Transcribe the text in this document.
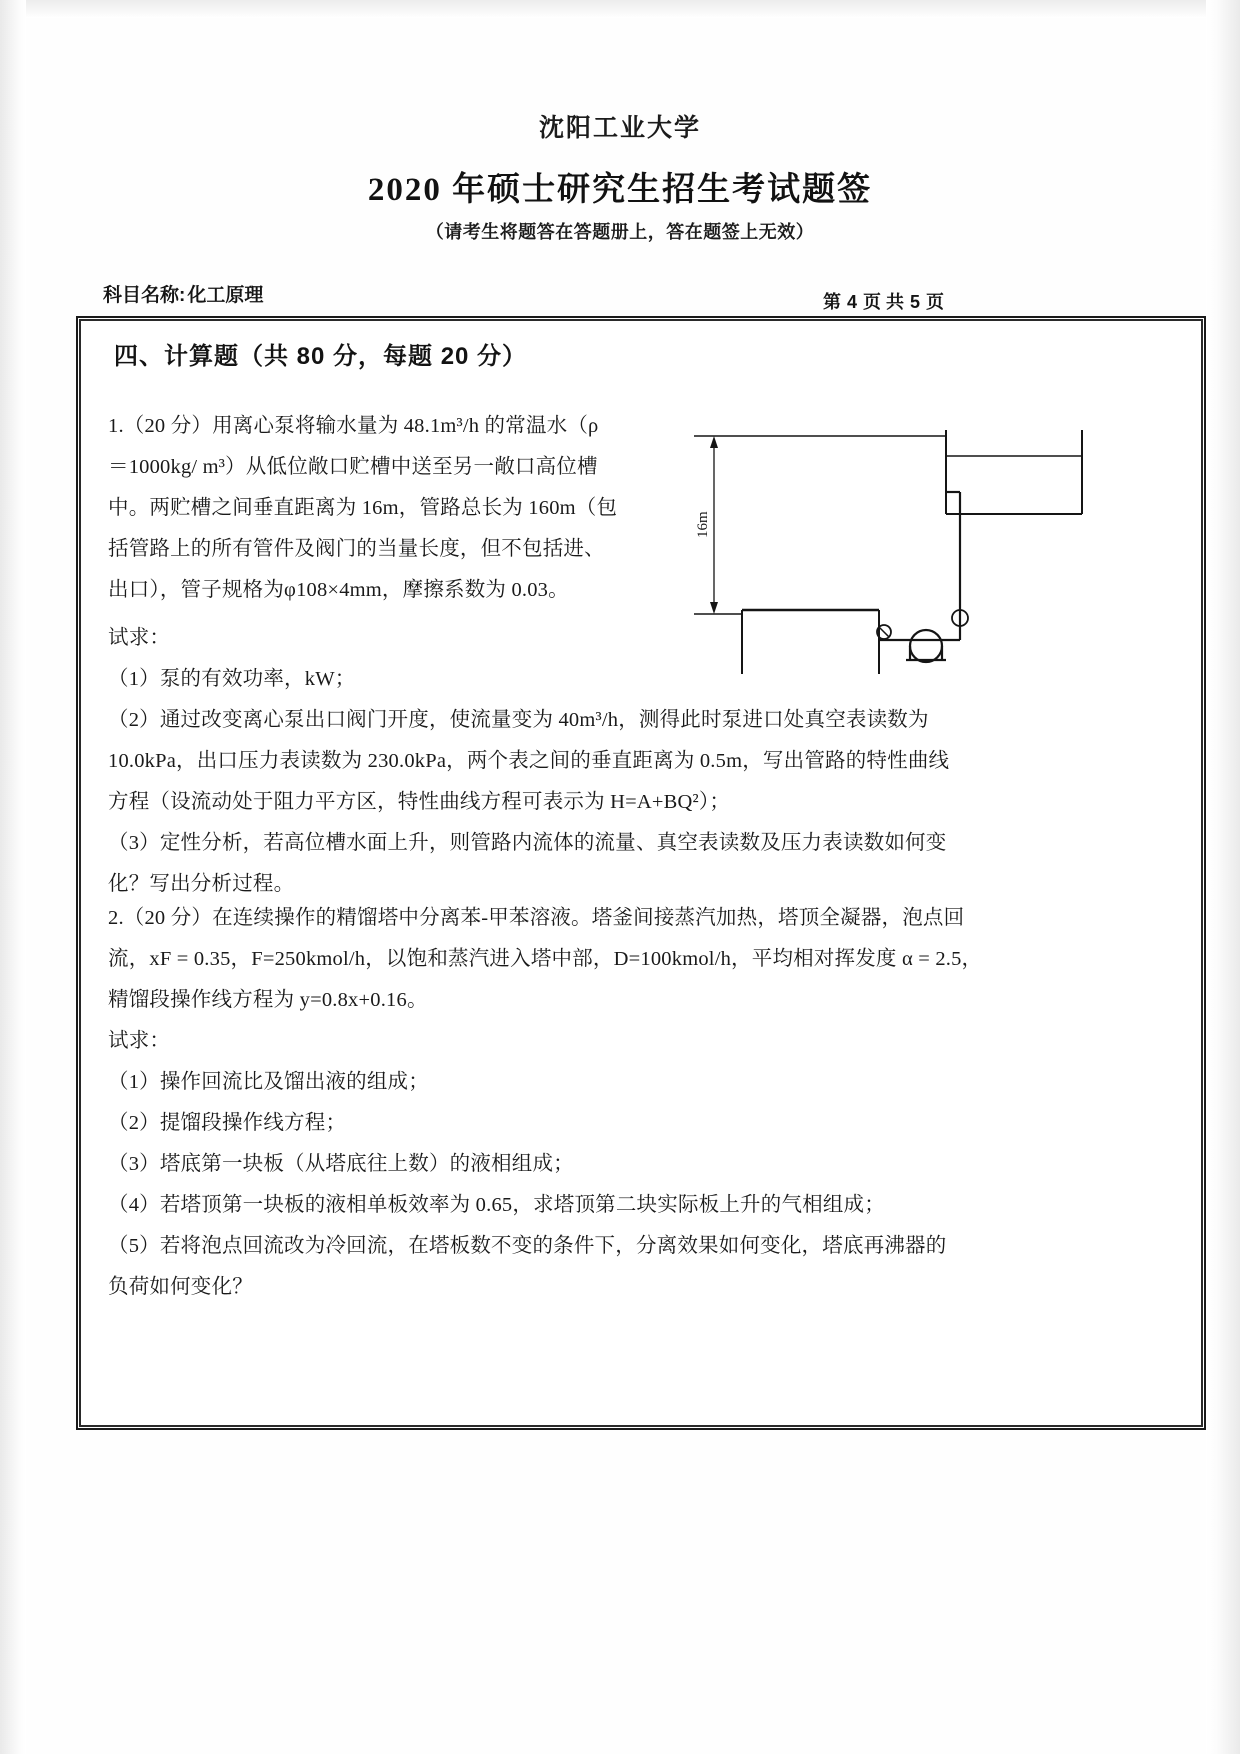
沈阳工业大学
2020 年硕士研究生招生考试题签
（请考生将题答在答题册上，答在题签上无效）
科目名称: 化工原理	第 4 页 共 5 页
四、计算题（共 80 分，每题 20 分）

1.（20 分）用离心泵将输水量为 48.1m³/h 的常温水（ρ

＝1000kg/ m³）从低位敞口贮槽中送至另一敞口高位槽

中。两贮槽之间垂直距离为 16m，管路总长为 160m（包

括管路上的所有管件及阀门的当量长度，但不包括进、

出口），管子规格为φ108×4mm，摩擦系数为 0.03。

16m

试求：

（1）泵的有效功率，kW；

（2）通过改变离心泵出口阀门开度，使流量变为 40m³/h，测得此时泵进口处真空表读数为

10.0kPa，出口压力表读数为 230.0kPa，两个表之间的垂直距离为 0.5m，写出管路的特性曲线

方程（设流动处于阻力平方区，特性曲线方程可表示为 H=A+BQ²）；

（3）定性分析，若高位槽水面上升，则管路内流体的流量、真空表读数及压力表读数如何变

化？写出分析过程。

2.（20 分）在连续操作的精馏塔中分离苯-甲苯溶液。塔釜间接蒸汽加热，塔顶全凝器，泡点回

流，xF = 0.35，F=250kmol/h，以饱和蒸汽进入塔中部，D=100kmol/h，平均相对挥发度 α = 2.5，

精馏段操作线方程为 y=0.8x+0.16。

试求：

（1）操作回流比及馏出液的组成；

（2）提馏段操作线方程；

（3）塔底第一块板（从塔底往上数）的液相组成；

（4）若塔顶第一块板的液相单板效率为 0.65，求塔顶第二块实际板上升的气相组成；

（5）若将泡点回流改为冷回流，在塔板数不变的条件下，分离效果如何变化，塔底再沸器的

负荷如何变化？
